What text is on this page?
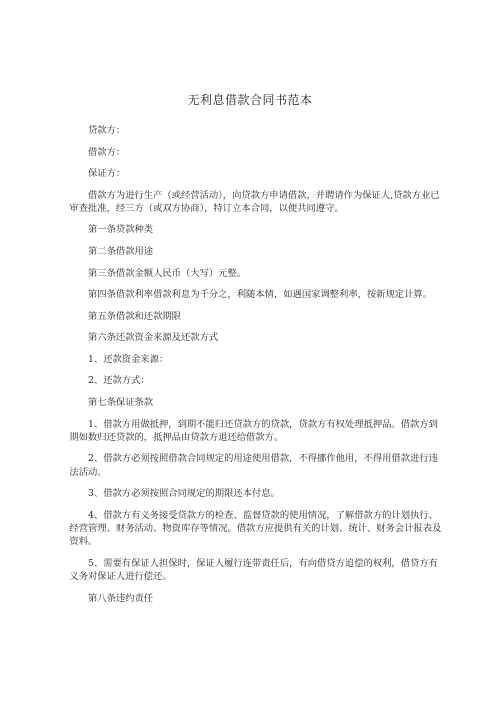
无利息借款合同书范本

贷款方：

借款方：

保证方：

借款方为进行生产（或经营活动），向贷款方申请借款，并聘请作为保证人,贷款方业已审查批准，经三方（或双方协商），特订立本合同，以便共同遵守。

第一条贷款种类

第二条借款用途

第三条借款金额人民币（大写）元整。

第四条借款利率借款利息为千分之，利随本情，如遇国家调整利率，按新规定计算。

第五条借款和还款期限

第六条还款资金来源及还款方式

1、还款资金来源：

2、还款方式：

第七条保证条款

1、借款方用做抵押，到期不能归还贷款方的贷款，贷款方有权处理抵押品。借款方到期如数归还贷款的，抵押品由贷款方退还给借款方。

2、借款方必须按照借款合同规定的用途使用借款，不得挪作他用，不得用借款进行违法活动。

3、借款方必须按照合同规定的期限还本付息。

4、借款方有义务接受贷款方的检查、监督贷款的使用情况，了解借款方的计划执行、经营管理、财务活动、物资库存等情况。借款方应提供有关的计划、统计、财务会计报表及资料。

5、需要有保证人担保时，保证人履行连带责任后，有向借贷方追偿的权利，借贷方有义务对保证人进行偿还。

第八条违约责任
